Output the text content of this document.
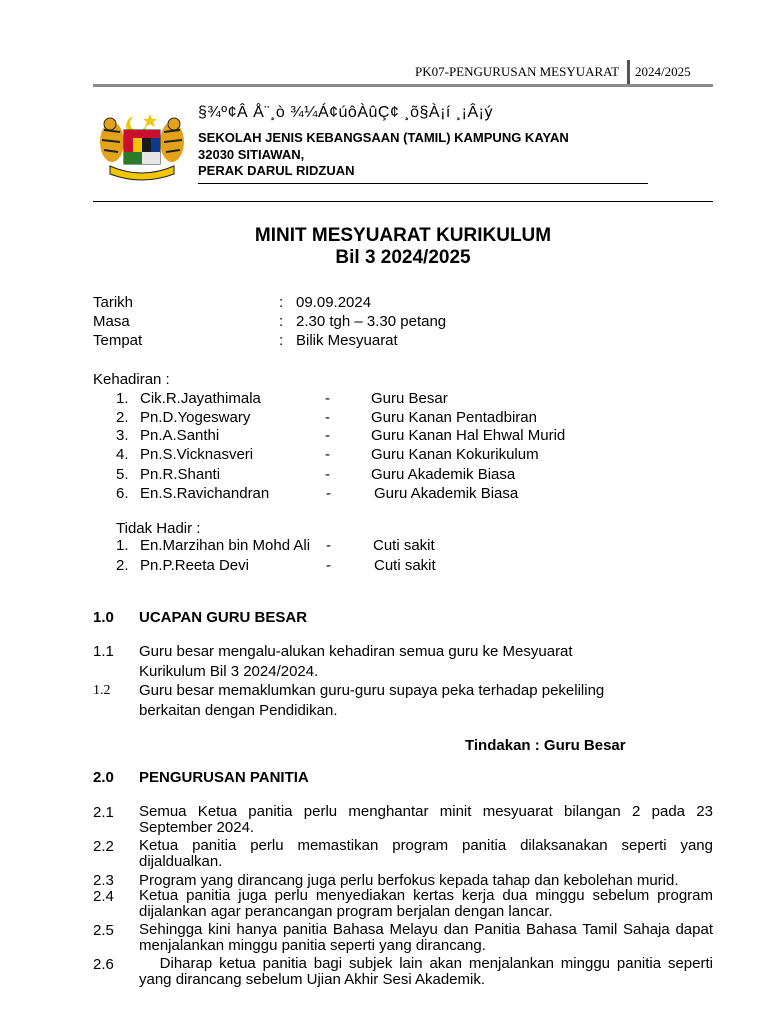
PK07-PENGURUSAN MESYUARAT 2024/2025
§¾º¢Â Å¨¸ò ¾¼Á¢úôÀûÇ¢ ¸õ§À¡í ¸¡Â¡ý
SEKOLAH JENIS KEBANGSAAN (TAMIL) KAMPUNG KAYAN
32030 SITIAWAN,
PERAK DARUL RIDZUAN
MINIT MESYUARAT KURIKULUM
Bil 3 2024/2025
Tarikh	: 09.09.2024
Masa	: 2.30 tgh – 3.30 petang
Tempat	: Bilik Mesyuarat
Kehadiran :
1. Cik.R.Jayathimala	-	Guru Besar
2. Pn.D.Yogeswary	-	Guru Kanan Pentadbiran
3. Pn.A.Santhi	-	Guru Kanan Hal Ehwal Murid
4. Pn.S.Vicknasveri	-	Guru Kanan Kokurikulum
5. Pn.R.Shanti	-	Guru Akademik Biasa
6. En.S.Ravichandran	-	Guru Akademik Biasa
Tidak Hadir :
1. En.Marzihan bin Mohd Ali -	Cuti sakit
2. Pn.P.Reeta Devi	-	Cuti sakit
1.0 UCAPAN GURU BESAR
1.1 Guru besar mengalu-alukan kehadiran semua guru ke Mesyuarat
Kurikulum Bil 3 2024/2024.
1.2 Guru besar memaklumkan guru-guru supaya peka terhadap pekeliling
berkaitan dengan Pendidikan.
Tindakan : Guru Besar
2.0 PENGURUSAN PANITIA
2.1 Semua Ketua panitia perlu menghantar minit mesyuarat bilangan 2 pada 23 September 2024.
2.2 Ketua panitia perlu memastikan program panitia dilaksanakan seperti yang dijaldualkan.
2.3 Program yang dirancang juga perlu berfokus kepada tahap dan kebolehan murid.
2.4 Ketua panitia juga perlu menyediakan kertas kerja dua minggu sebelum program dijalankan agar perancangan program berjalan dengan lancar.
2.5 Sehingga kini hanya panitia Bahasa Melayu dan Panitia Bahasa Tamil Sahaja dapat menjalankan minggu panitia seperti yang dirancang.
2.6 Diharap ketua panitia bagi subjek lain akan menjalankan minggu panitia seperti yang dirancang sebelum Ujian Akhir Sesi Akademik.
